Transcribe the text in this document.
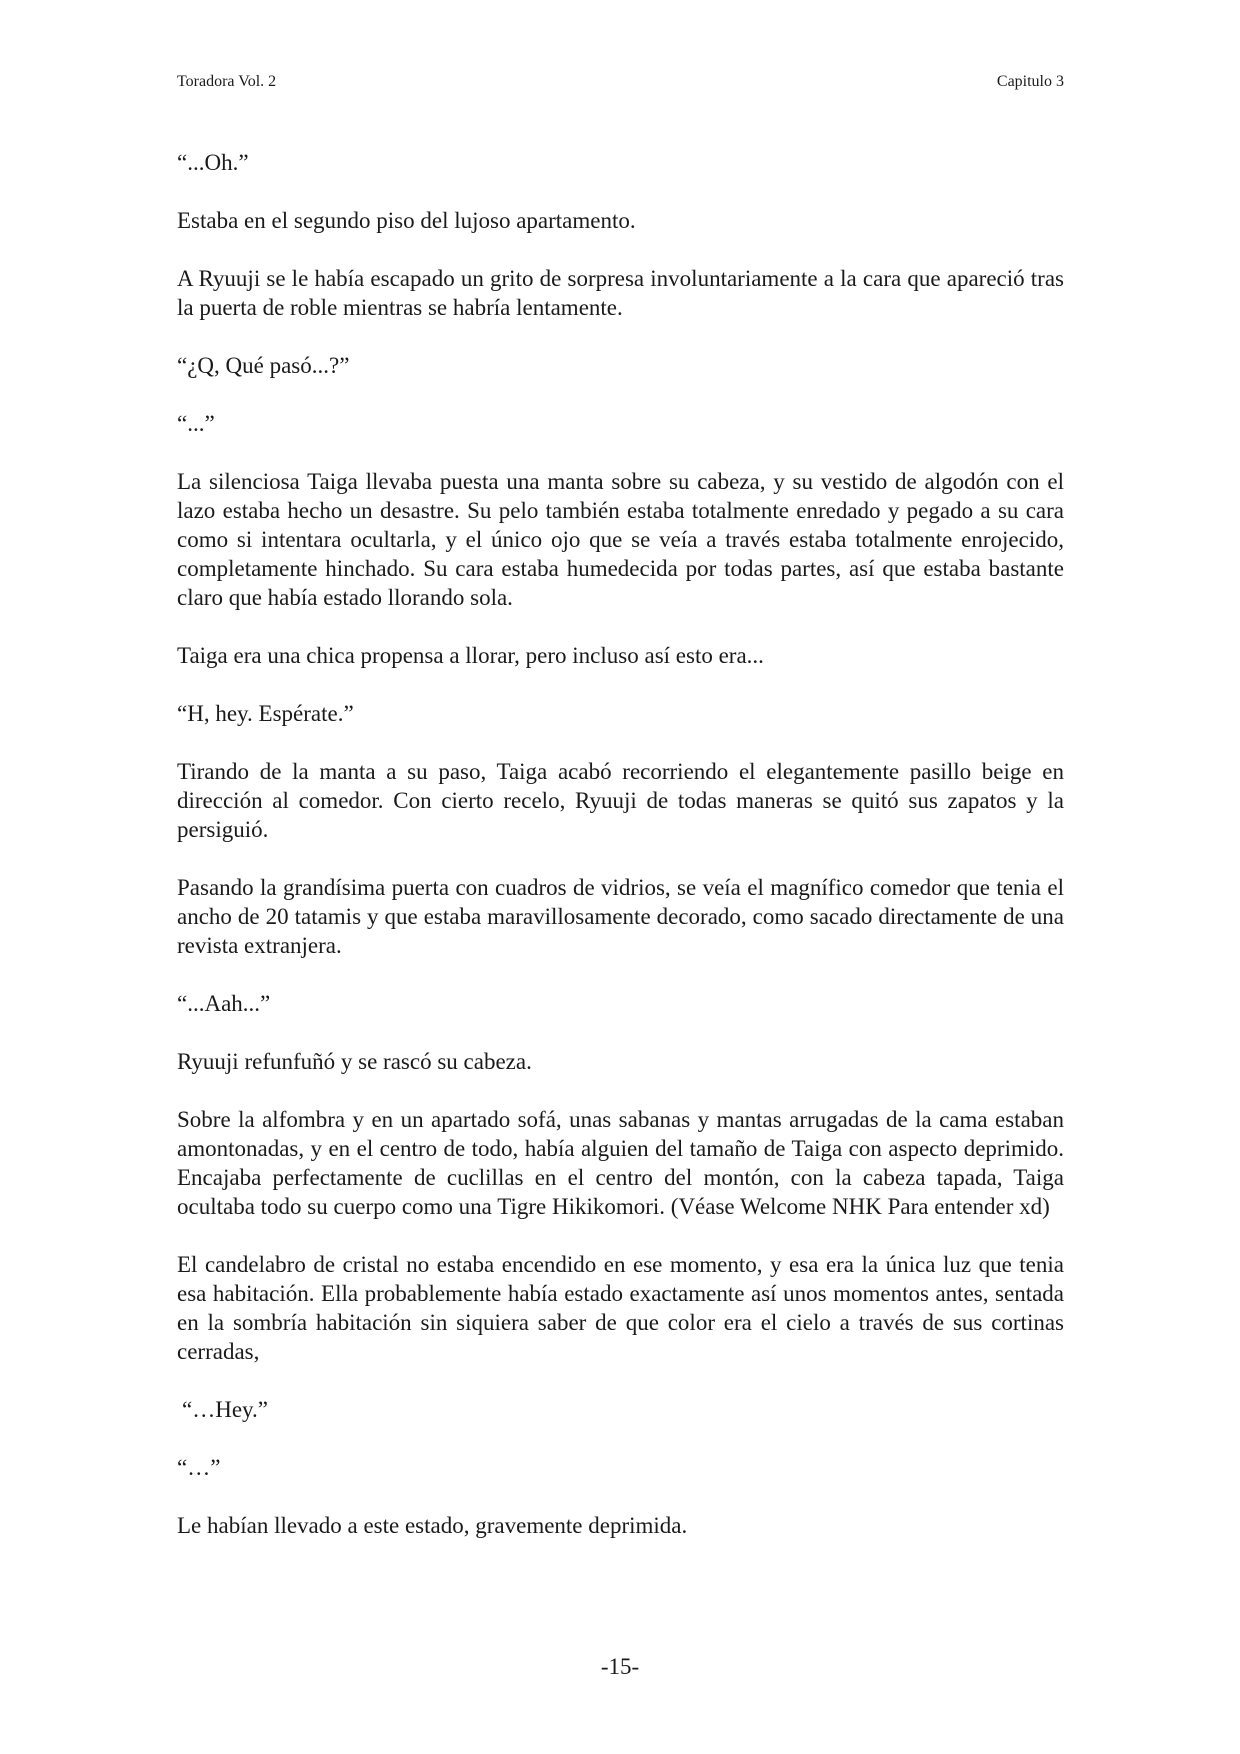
Toradora Vol. 2	Capitulo 3

“...Oh.”

Estaba en el segundo piso del lujoso apartamento.

A Ryuuji se le había escapado un grito de sorpresa involuntariamente a la cara que apareció tras la puerta de roble mientras se habría lentamente.

“¿Q, Qué pasó...?”

“...”

La silenciosa Taiga llevaba puesta una manta sobre su cabeza, y su vestido de algodón con el lazo estaba hecho un desastre. Su pelo también estaba totalmente enredado y pegado a su cara como si intentara ocultarla, y el único ojo que se veía a través estaba totalmente enrojecido, completamente hinchado. Su cara estaba humedecida por todas partes, así que estaba bastante claro que había estado llorando sola.

Taiga era una chica propensa a llorar, pero incluso así esto era...

“H, hey. Espérate.”

Tirando de la manta a su paso, Taiga acabó recorriendo el elegantemente pasillo beige en dirección al comedor. Con cierto recelo, Ryuuji de todas maneras se quitó sus zapatos y la persiguió.

Pasando la grandísima puerta con cuadros de vidrios, se veía el magnífico comedor que tenia el ancho de 20 tatamis y que estaba maravillosamente decorado, como sacado directamente de una revista extranjera.

“...Aah...”

Ryuuji refunfuñó y se rascó su cabeza.

Sobre la alfombra y en un apartado sofá, unas sabanas y mantas arrugadas de la cama estaban amontonadas, y en el centro de todo, había alguien del tamaño de Taiga con aspecto deprimido. Encajaba perfectamente de cuclillas en el centro del montón, con la cabeza tapada, Taiga ocultaba todo su cuerpo como una Tigre Hikikomori. (Véase Welcome NHK Para entender xd)

El candelabro de cristal no estaba encendido en ese momento, y esa era la única luz que tenia esa habitación. Ella probablemente había estado exactamente así unos momentos antes, sentada en la sombría habitación sin siquiera saber de que color era el cielo a través de sus cortinas cerradas,

“…Hey.”

“…”

Le habían llevado a este estado, gravemente deprimida.

-15-
